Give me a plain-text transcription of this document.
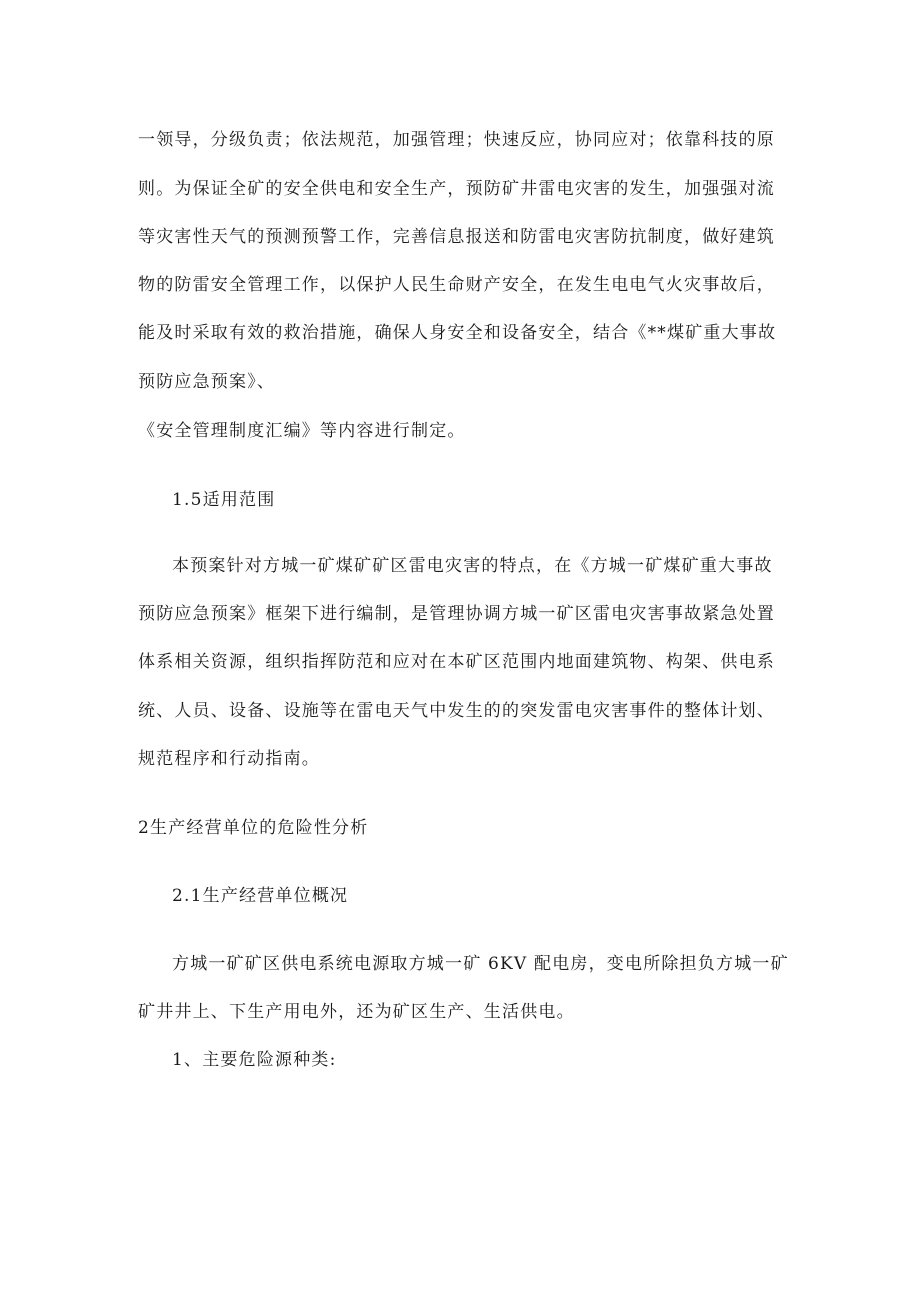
一领导，分级负责；依法规范，加强管理；快速反应，协同应对；依靠科技的原
则。为保证全矿的安全供电和安全生产，预防矿井雷电灾害的发生，加强强对流
等灾害性天气的预测预警工作，完善信息报送和防雷电灾害防抗制度，做好建筑
物的防雷安全管理工作，以保护人民生命财产安全，在发生电电气火灾事故后，
能及时采取有效的救治措施，确保人身安全和设备安全，结合《**煤矿重大事故
预防应急预案》、
《安全管理制度汇编》等内容进行制定。
1.5适用范围
本预案针对方城一矿煤矿矿区雷电灾害的特点，在《方城一矿煤矿重大事故
预防应急预案》框架下进行编制，是管理协调方城一矿区雷电灾害事故紧急处置
体系相关资源，组织指挥防范和应对在本矿区范围内地面建筑物、构架、供电系
统、人员、设备、设施等在雷电天气中发生的的突发雷电灾害事件的整体计划、
规范程序和行动指南。
2生产经营单位的危险性分析
2.1生产经营单位概况
方城一矿矿区供电系统电源取方城一矿 6KV 配电房，变电所除担负方城一矿
矿井井上、下生产用电外，还为矿区生产、生活供电。
1、主要危险源种类:
